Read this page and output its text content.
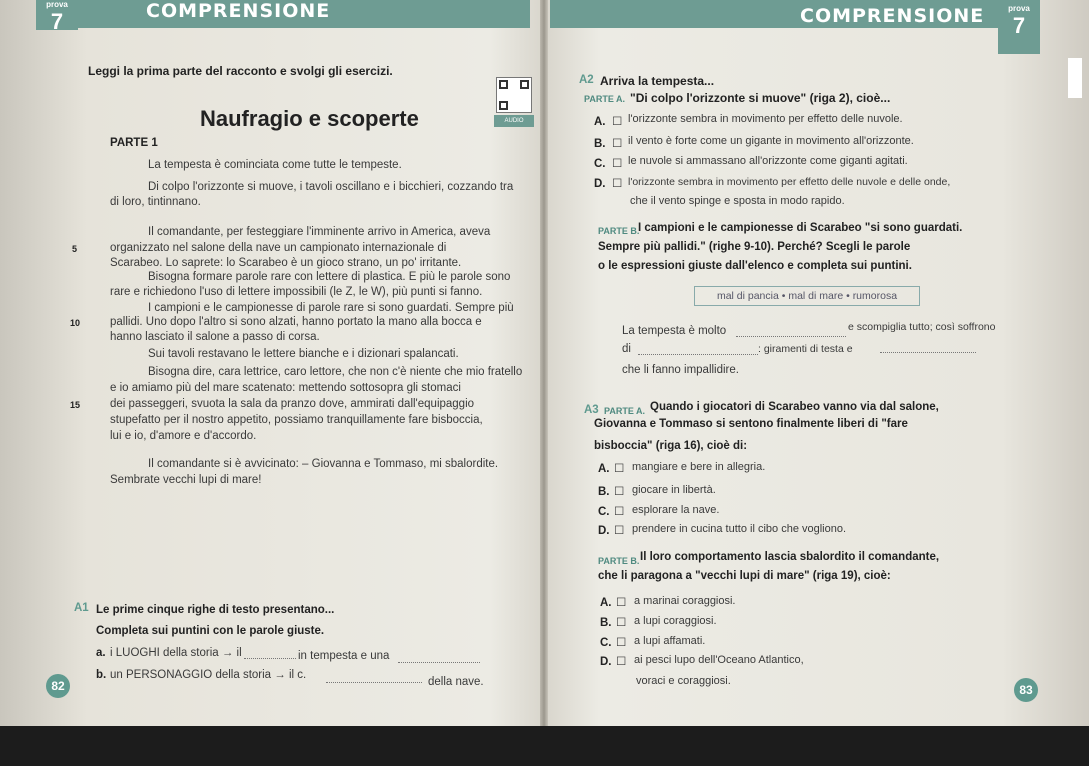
COMPRENSIONE
prova
7
Leggi la prima parte del racconto e svolgi gli esercizi.
AUDIO
Naufragio e scoperte
PARTE 1
La tempesta è cominciata come tutte le tempeste.
Di colpo l'orizzonte si muove, i tavoli oscillano e i bicchieri, cozzando tra
di loro, tintinnano.
Il comandante, per festeggiare l'imminente arrivo in America, aveva
organizzato nel salone della nave un campionato internazionale di
Scarabeo. Lo saprete: lo Scarabeo è un gioco strano, un po' irritante.
Bisogna formare parole rare con lettere di plastica. E più le parole sono
rare e richiedono l'uso di lettere impossibili (le Z, le W), più punti si fanno.
I campioni e le campionesse di parole rare si sono guardati. Sempre più
pallidi. Uno dopo l'altro si sono alzati, hanno portato la mano alla bocca e
hanno lasciato il salone a passo di corsa.
Sui tavoli restavano le lettere bianche e i dizionari spalancati.
Bisogna dire, cara lettrice, caro lettore, che non c'è niente che mio fratello
e io amiamo più del mare scatenato: mettendo sottosopra gli stomaci
dei passeggeri, svuota la sala da pranzo dove, ammirati dall'equipaggio
stupefatto per il nostro appetito, possiamo tranquillamente fare bisboccia,
lui e io, d'amore e d'accordo.
Il comandante si è avvicinato: – Giovanna e Tommaso, mi sbalordite.
Sembrate vecchi lupi di mare!
5
10
15
A1 Le prime cinque righe di testo presentano...
Completa sui puntini con le parole giuste.
a. i LUOGHI della storia → il	in tempesta e una
b. un PERSONAGGIO della storia → il c.
della nave.
82
COMPRENSIONE	prova
7
A2 Arriva la tempesta...
PARTE A. "Di colpo l'orizzonte si muove" (riga 2), cioè...
A. ☐ l'orizzonte sembra in movimento per effetto delle nuvole.
B. ☐ il vento è forte come un gigante in movimento all'orizzonte.
C. ☐ le nuvole si ammassano all'orizzonte come giganti agitati.
D. ☐ l'orizzonte sembra in movimento per effetto delle nuvole e delle onde,
che il vento spinge e sposta in modo rapido.
PARTE B.
I campioni e le campionesse di Scarabeo "si sono guardati.
Sempre più pallidi." (righe 9-10). Perché? Scegli le parole
o le espressioni giuste dall'elenco e completa sui puntini.
mal di pancia • mal di mare • rumorosa
La tempesta è molto	e scompiglia tutto; così soffrono
di	: giramenti di testa e
che li fanno impallidire.
A3 PARTE A. Quando i giocatori di Scarabeo vanno via dal salone,
Giovanna e Tommaso si sentono finalmente liberi di "fare
bisboccia" (riga 16), cioè di:
A. ☐ mangiare e bere in allegria.
B. ☐ giocare in libertà.
C. ☐ esplorare la nave.
D. ☐ prendere in cucina tutto il cibo che vogliono.
PARTE B. Il loro comportamento lascia sbalordito il comandante,
che li paragona a "vecchi lupi di mare" (riga 19), cioè:
A. ☐ a marinai coraggiosi.
B. ☐ a lupi coraggiosi.
C. ☐ a lupi affamati.
D. ☐ ai pesci lupo dell'Oceano Atlantico,
voraci e coraggiosi.
83
